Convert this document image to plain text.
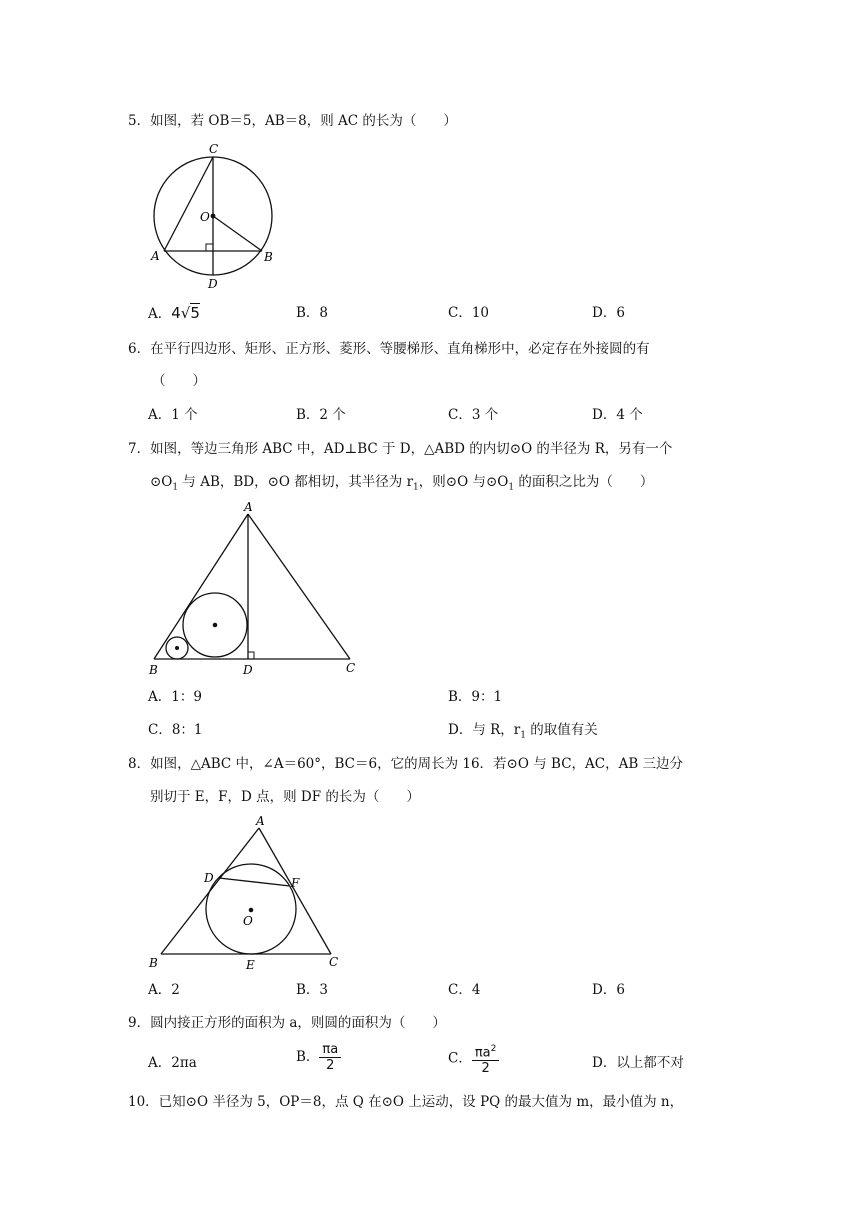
5．如图，若 OB＝5，AB＝8，则 AC 的长为（　　）
C
O
A	B
D
A．4√5	B．8	C．10	D．6
6．在平行四边形、矩形、正方形、菱形、等腰梯形、直角梯形中，必定存在外接圆的有
（　　）
A．1 个	B．2 个	C．3 个	D．4 个
7．如图，等边三角形 ABC 中，AD⊥BC 于 D，△ABD 的内切⊙O 的半径为 R，另有一个
$⊙O_1$ 与 AB，BD，⊙O 都相切，其半径为 $r_1$，则⊙O 与$⊙O_1$ 的面积之比为（　　）
A
B	D	C
A．1：9	B．9：1
C．8：1	D．与 R，$r_1$ 的取值有关
8．如图，△ABC 中，∠A＝60°，BC＝6，它的周长为 16．若⊙O 与 BC，AC，AB 三边分
别切于 E，F，D 点，则 DF 的长为（　　）
A
D	F
O
B	E	C
A．2	B．3	C．4	D．6
9．圆内接正方形的面积为 a，则圆的面积为（　　）
A．2πa	B． $\frac{\pi a}{2}$	C． $\frac{\pi a^2}{2}$	D．以上都不对
10．已知⊙O 半径为 5，OP＝8，点 Q 在⊙O 上运动，设 PQ 的最大值为 m，最小值为 n，
